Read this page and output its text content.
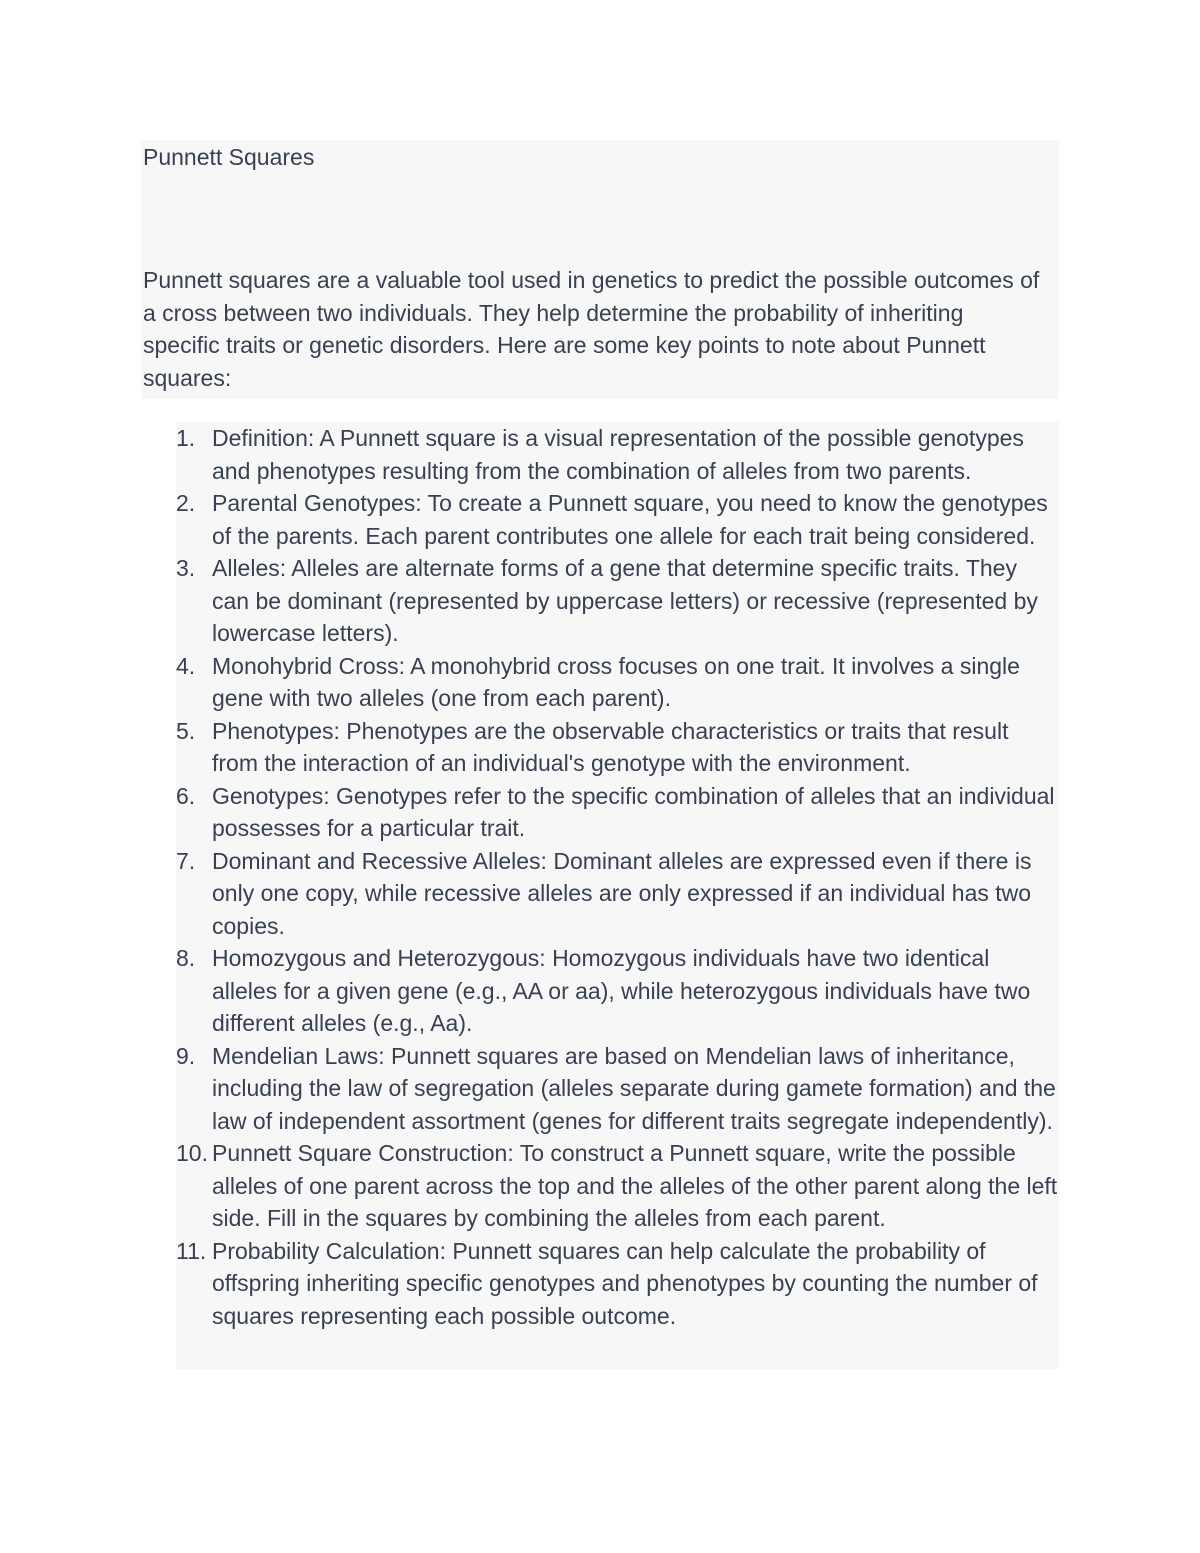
Punnett Squares

Punnett squares are a valuable tool used in genetics to predict the possible outcomes of a cross between two individuals. They help determine the probability of inheriting specific traits or genetic disorders. Here are some key points to note about Punnett squares:

1. Definition: A Punnett square is a visual representation of the possible genotypes and phenotypes resulting from the combination of alleles from two parents.
2. Parental Genotypes: To create a Punnett square, you need to know the genotypes of the parents. Each parent contributes one allele for each trait being considered.
3. Alleles: Alleles are alternate forms of a gene that determine specific traits. They can be dominant (represented by uppercase letters) or recessive (represented by lowercase letters).
4. Monohybrid Cross: A monohybrid cross focuses on one trait. It involves a single gene with two alleles (one from each parent).
5. Phenotypes: Phenotypes are the observable characteristics or traits that result from the interaction of an individual's genotype with the environment.
6. Genotypes: Genotypes refer to the specific combination of alleles that an individual possesses for a particular trait.
7. Dominant and Recessive Alleles: Dominant alleles are expressed even if there is only one copy, while recessive alleles are only expressed if an individual has two copies.
8. Homozygous and Heterozygous: Homozygous individuals have two identical alleles for a given gene (e.g., AA or aa), while heterozygous individuals have two different alleles (e.g., Aa).
9. Mendelian Laws: Punnett squares are based on Mendelian laws of inheritance, including the law of segregation (alleles separate during gamete formation) and the law of independent assortment (genes for different traits segregate independently).
10. Punnett Square Construction: To construct a Punnett square, write the possible alleles of one parent across the top and the alleles of the other parent along the left side. Fill in the squares by combining the alleles from each parent.
11. Probability Calculation: Punnett squares can help calculate the probability of offspring inheriting specific genotypes and phenotypes by counting the number of squares representing each possible outcome.
